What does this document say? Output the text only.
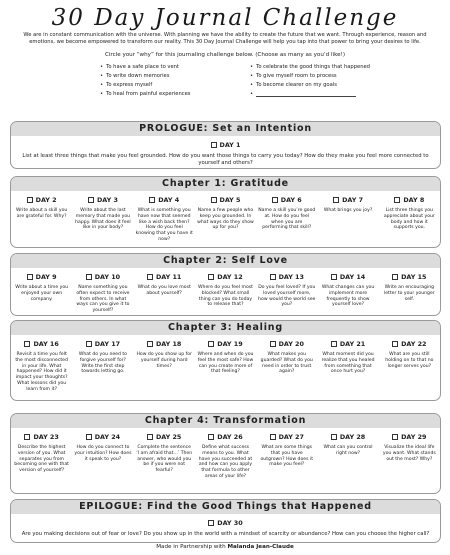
30 Day Journal Challenge
We are in constant communication with the universe. With planning we have the ability to create the future that we want. Through experience, reason and emotions, we become empowered to transform our reality. This 30 Day Journal Challenge will help you tap into that power to bring your desires to life.
Circle your “why” for this journaling challenge below. (Choose as many as you’d like!)
• To have a safe place to vent
• To write down memories
• To express myself
• To heal from painful experiences
• To celebrate the good things that happened
• To give myself room to process
• To become clearer on my goals
•
PROLOGUE: Set an Intention
DAY 1
List at least three things that make you feel grounded. How do you want those things to carry you today? How do they make you feel more connected to yourself and others?
Chapter 1: Gratitude
DAY 2
Write about a skill you are grateful for. Why?
DAY 3
Write about the last memory that made you happy. What does it feel like in your body?
DAY 4
What is something you have now that seemed like a wish back then? How do you feel knowing that you have it now?
DAY 5
Name a few people who keep you grounded. In what ways do they show up for you?
DAY 6
Name a skill you’re good at. How do you feel when you are performing that skill?
DAY 7
What brings you joy?
DAY 8
List three things you appreciate about your body and how it supports you.
Chapter 2: Self Love
DAY 9
Write about a time you enjoyed your own company.
DAY 10
Name something you often expect to receive from others. In what ways can you give it to yourself?
DAY 11
What do you love most about yourself?
DAY 12
Where do you feel most blocked? What small thing can you do today to release that?
DAY 13
Do you feel loved? If you loved yourself more, how would the world see you?
DAY 14
What changes can you implement more frequently to show yourself love?
DAY 15
Write an encouraging letter to your younger self.
Chapter 3: Healing
DAY 16
Revisit a time you felt the most disconnected in your life. What happened? How did it impact your thoughts? What lessons did you learn from it?
DAY 17
What do you need to forgive yourself for? Write the first step towards letting go.
DAY 18
How do you show up for yourself during hard times?
DAY 19
Where and when do you feel the most safe? How can you create more of that feeling?
DAY 20
What makes you guarded? What do you need in order to trust again?
DAY 21
What moment did you realize that you healed from something that once hurt you?
DAY 22
What are you still holding on to that no longer serves you?
Chapter 4: Transformation
DAY 23
Describe the highest version of you. What separates you from becoming one with that version of yourself?
DAY 24
How do you connect to your intuition? How does it speak to you?
DAY 25
Complete the sentence ‘I am afraid that...’ Then answer, who would you be if you were not fearful?
DAY 26
Define what success means to you. What have you succeeded at and how can you apply that formula to other areas of your life?
DAY 27
What are some things that you have outgrown? How does it make you feel?
DAY 28
What can you control right now?
DAY 29
Visualize the ideal life you want. What stands out the most? Why?
EPILOGUE: Find the Good Things that Happened
DAY 30
Are you making decisions out of fear or love? Do you show up in the world with a mindset of scarcity or abundance? How can you choose the higher call?
Made in Partnership with Malanda Jean-Claude
